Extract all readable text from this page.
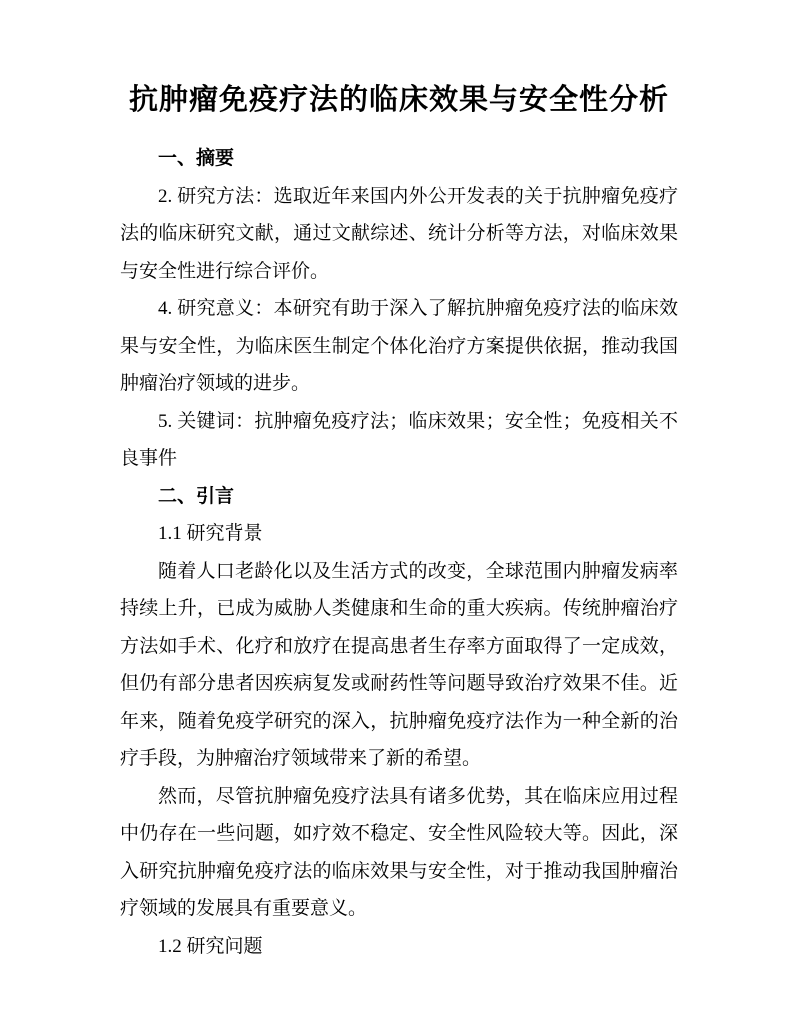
抗肿瘤免疫疗法的临床效果与安全性分析

一、摘要

2. 研究方法：选取近年来国内外公开发表的关于抗肿瘤免疫疗法的临床研究文献，通过文献综述、统计分析等方法，对临床效果与安全性进行综合评价。

4. 研究意义：本研究有助于深入了解抗肿瘤免疫疗法的临床效果与安全性，为临床医生制定个体化治疗方案提供依据，推动我国肿瘤治疗领域的进步。

5. 关键词：抗肿瘤免疫疗法；临床效果；安全性；免疫相关不良事件

二、引言

1.1 研究背景

随着人口老龄化以及生活方式的改变，全球范围内肿瘤发病率持续上升，已成为威胁人类健康和生命的重大疾病。传统肿瘤治疗方法如手术、化疗和放疗在提高患者生存率方面取得了一定成效，但仍有部分患者因疾病复发或耐药性等问题导致治疗效果不佳。近年来，随着免疫学研究的深入，抗肿瘤免疫疗法作为一种全新的治疗手段，为肿瘤治疗领域带来了新的希望。

然而，尽管抗肿瘤免疫疗法具有诸多优势，其在临床应用过程中仍存在一些问题，如疗效不稳定、安全性风险较大等。因此，深入研究抗肿瘤免疫疗法的临床效果与安全性，对于推动我国肿瘤治疗领域的发展具有重要意义。

1.2 研究问题
